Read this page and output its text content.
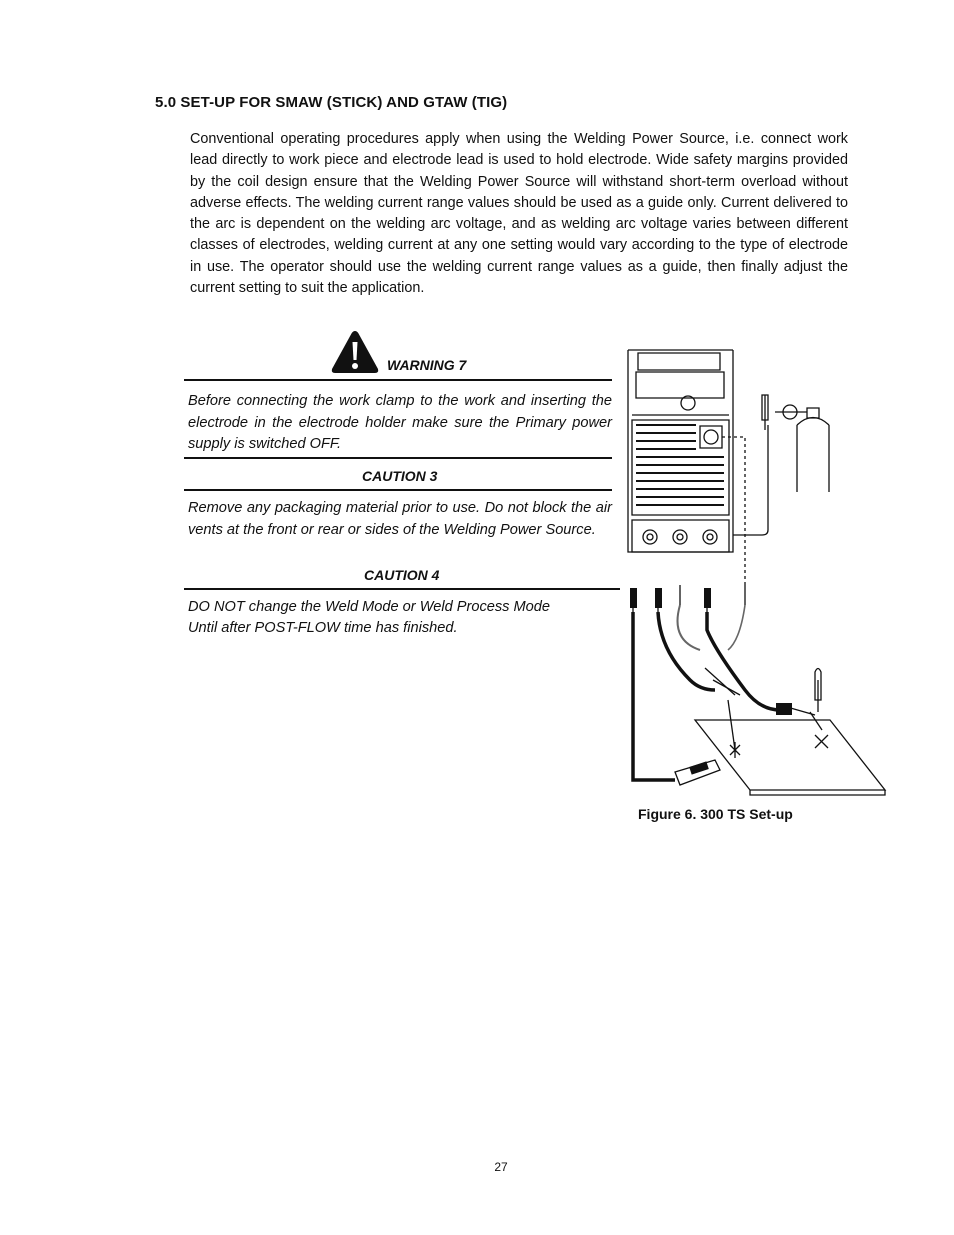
5.0 SET-UP FOR SMAW (STICK) AND GTAW (TIG)

Conventional operating procedures apply when using the Welding Power Source, i.e. connect work lead directly to work piece and electrode lead is used to hold electrode. Wide safety margins provided by the coil design ensure that the Welding Power Source will withstand short-term overload without adverse effects. The welding current range values should be used as a guide only. Current delivered to the arc is dependent on the welding arc voltage, and as welding arc voltage varies between different classes of electrodes, welding current at any one setting would vary according to the type of electrode in use. The operator should use the welding current range values as a guide, then finally adjust the current setting to suit the application.

WARNING 7

Before connecting the work clamp to the work and inserting the electrode in the electrode holder make sure the Primary power supply is switched OFF.

CAUTION 3

Remove any packaging material prior to use. Do not block the air vents at the front or rear or sides of the Welding Power Source.

CAUTION 4
DO NOT change the Weld Mode or Weld Process Mode
Until after POST-FLOW time has finished.
Figure 6. 300 TS Set-up
27
